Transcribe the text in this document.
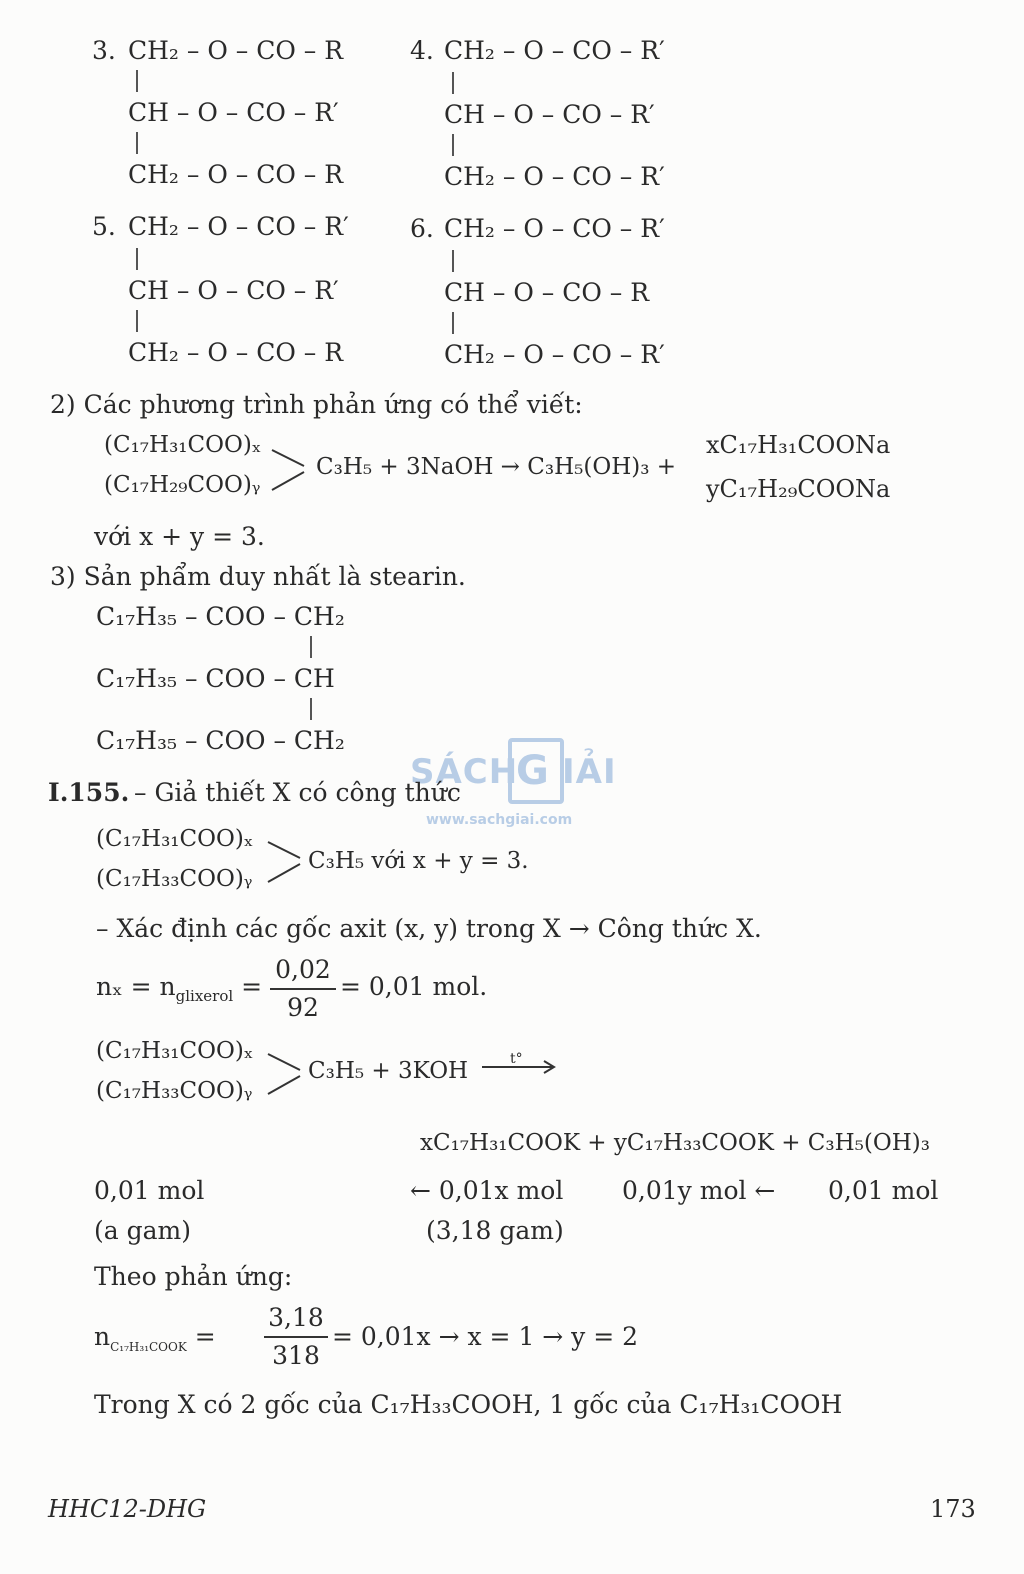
3. CH₂ – O – CO – R
CH – O – CO – R′
CH₂ – O – CO – R
4. CH₂ – O – CO – R′
CH – O – CO – R′
CH₂ – O – CO – R′
5. CH₂ – O – CO – R′
CH – O – CO – R′
CH₂ – O – CO – R
6. CH₂ – O – CO – R′
CH – O – CO – R
CH₂ – O – CO – R′
2) Các phương trình phản ứng có thể viết:
(C₁₇H₃₁COO)ₓ
(C₁₇H₂₉COO)ᵧ
C₃H₅ + 3NaOH → C₃H₅(OH)₃ +
xC₁₇H₃₁COONa
yC₁₇H₂₉COONa
với x + y = 3.
3) Sản phẩm duy nhất là stearin.
C₁₇H₃₅ – COO – CH₂
C₁₇H₃₅ – COO – CH
C₁₇H₃₅ – COO – CH₂
SÁCH
G IẢI
www.sachgiai.com
I.155. – Giả thiết X có công thức
(C₁₇H₃₁COO)ₓ
(C₁₇H₃₃COO)ᵧ
C₃H₅ với x + y = 3.
– Xác định các gốc axit (x, y) trong X → Công thức X.
$n_x = n_{glixerol}$ =
0,02
92
= 0,01 mol.
(C₁₇H₃₁COO)ₓ
(C₁₇H₃₃COO)ᵧ
C₃H₅ + 3KOH	t°
xC₁₇H₃₁COOK + yC₁₇H₃₃COOK + C₃H₅(OH)₃
0,01 mol	← 0,01x mol 0,01y mol ← 0,01 mol
(a gam)	(3,18 gam)
Theo phản ứng:
$n_{C_{17}H_{31}COOK}$ =
3,18
318
= 0,01x → x = 1 → y = 2
Trong X có 2 gốc của C₁₇H₃₃COOH, 1 gốc của C₁₇H₃₁COOH
HHC12-DHG	173
